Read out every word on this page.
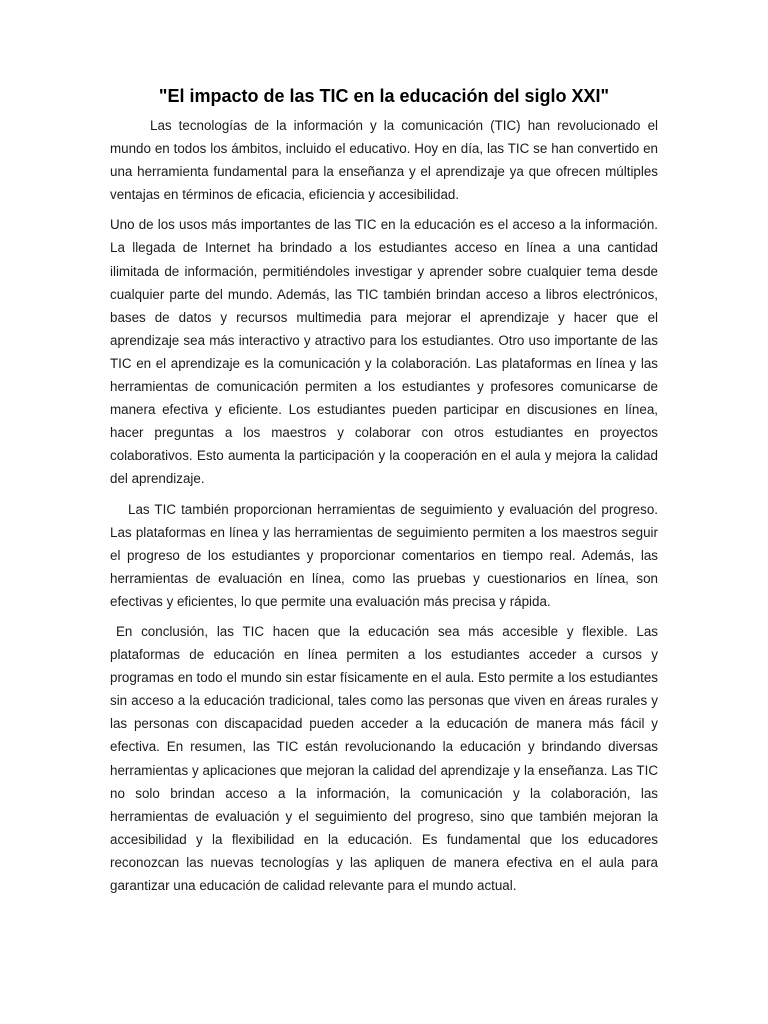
"El impacto de las TIC en la educación del siglo XXI"

Las tecnologías de la información y la comunicación (TIC) han revolucionado el mundo en todos los ámbitos, incluido el educativo. Hoy en día, las TIC se han convertido en una herramienta fundamental para la enseñanza y el aprendizaje ya que ofrecen múltiples ventajas en términos de eficacia, eficiencia y accesibilidad.

Uno de los usos más importantes de las TIC en la educación es el acceso a la información. La llegada de Internet ha brindado a los estudiantes acceso en línea a una cantidad ilimitada de información, permitiéndoles investigar y aprender sobre cualquier tema desde cualquier parte del mundo. Además, las TIC también brindan acceso a libros electrónicos, bases de datos y recursos multimedia para mejorar el aprendizaje y hacer que el aprendizaje sea más interactivo y atractivo para los estudiantes. Otro uso importante de las TIC en el aprendizaje es la comunicación y la colaboración. Las plataformas en línea y las herramientas de comunicación permiten a los estudiantes y profesores comunicarse de manera efectiva y eficiente. Los estudiantes pueden participar en discusiones en línea, hacer preguntas a los maestros y colaborar con otros estudiantes en proyectos colaborativos. Esto aumenta la participación y la cooperación en el aula y mejora la calidad del aprendizaje.

Las TIC también proporcionan herramientas de seguimiento y evaluación del progreso. Las plataformas en línea y las herramientas de seguimiento permiten a los maestros seguir el progreso de los estudiantes y proporcionar comentarios en tiempo real. Además, las herramientas de evaluación en línea, como las pruebas y cuestionarios en línea, son efectivas y eficientes, lo que permite una evaluación más precisa y rápida.

En conclusión, las TIC hacen que la educación sea más accesible y flexible. Las plataformas de educación en línea permiten a los estudiantes acceder a cursos y programas en todo el mundo sin estar físicamente en el aula. Esto permite a los estudiantes sin acceso a la educación tradicional, tales como las personas que viven en áreas rurales y las personas con discapacidad pueden acceder a la educación de manera más fácil y efectiva. En resumen, las TIC están revolucionando la educación y brindando diversas herramientas y aplicaciones que mejoran la calidad del aprendizaje y la enseñanza. Las TIC no solo brindan acceso a la información, la comunicación y la colaboración, las herramientas de evaluación y el seguimiento del progreso, sino que también mejoran la accesibilidad y la flexibilidad en la educación. Es fundamental que los educadores reconozcan las nuevas tecnologías y las apliquen de manera efectiva en el aula para garantizar una educación de calidad relevante para el mundo actual.
